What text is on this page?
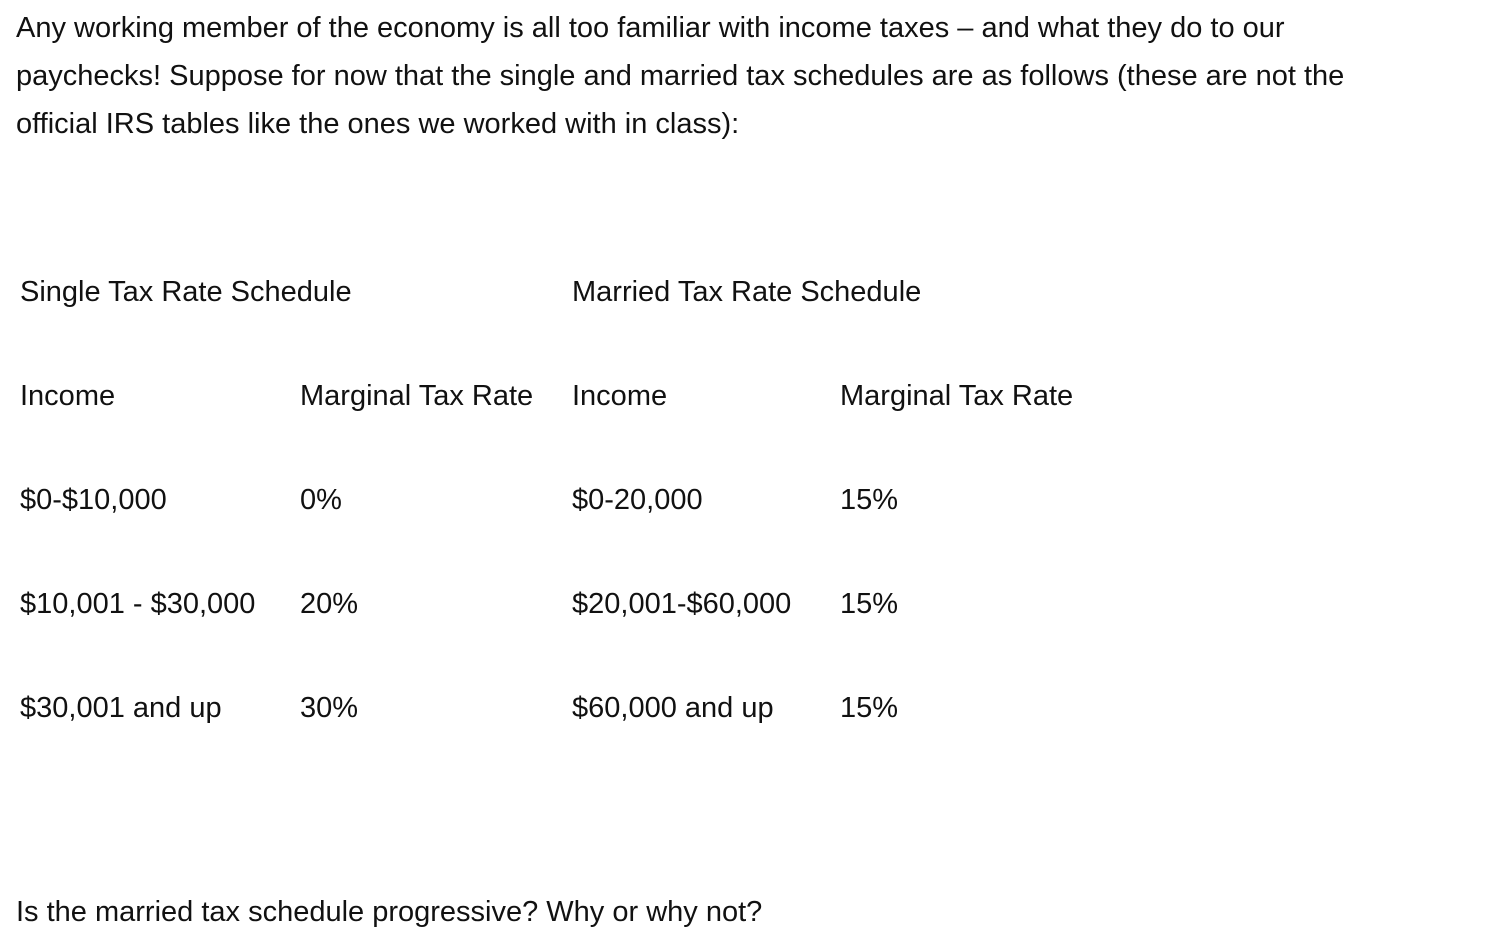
Any working member of the economy is all too familiar with income taxes – and what they do to our
paychecks! Suppose for now that the single and married tax schedules are as follows (these are not the
official IRS tables like the ones we worked with in class):

Single Tax Rate Schedule
Income	Marginal Tax Rate
$0-$10,000	0%
$10,001 - $30,000 20%
$30,001 and up	30%
Married Tax Rate Schedule
Income	Marginal Tax Rate
$0-20,000	15%
$20,001-$60,000 15%
$60,000 and up 15%

Is the married tax schedule progressive? Why or why not?
